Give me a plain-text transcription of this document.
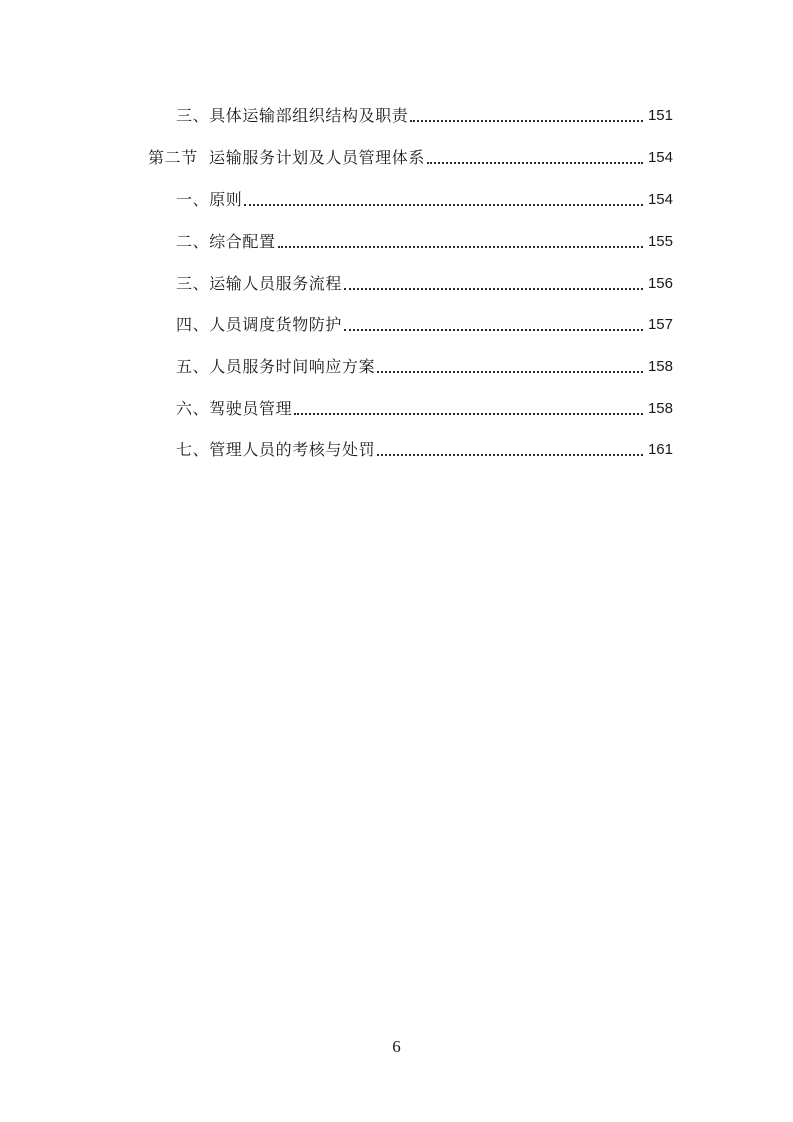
三、具体运输部组织结构及职责	151
第二节  运输服务计划及人员管理体系	154
一、原则	154
二、综合配置	155
三、运输人员服务流程	156
四、人员调度货物防护	157
五、人员服务时间响应方案	158
六、驾驶员管理	158
七、管理人员的考核与处罚	161
6
